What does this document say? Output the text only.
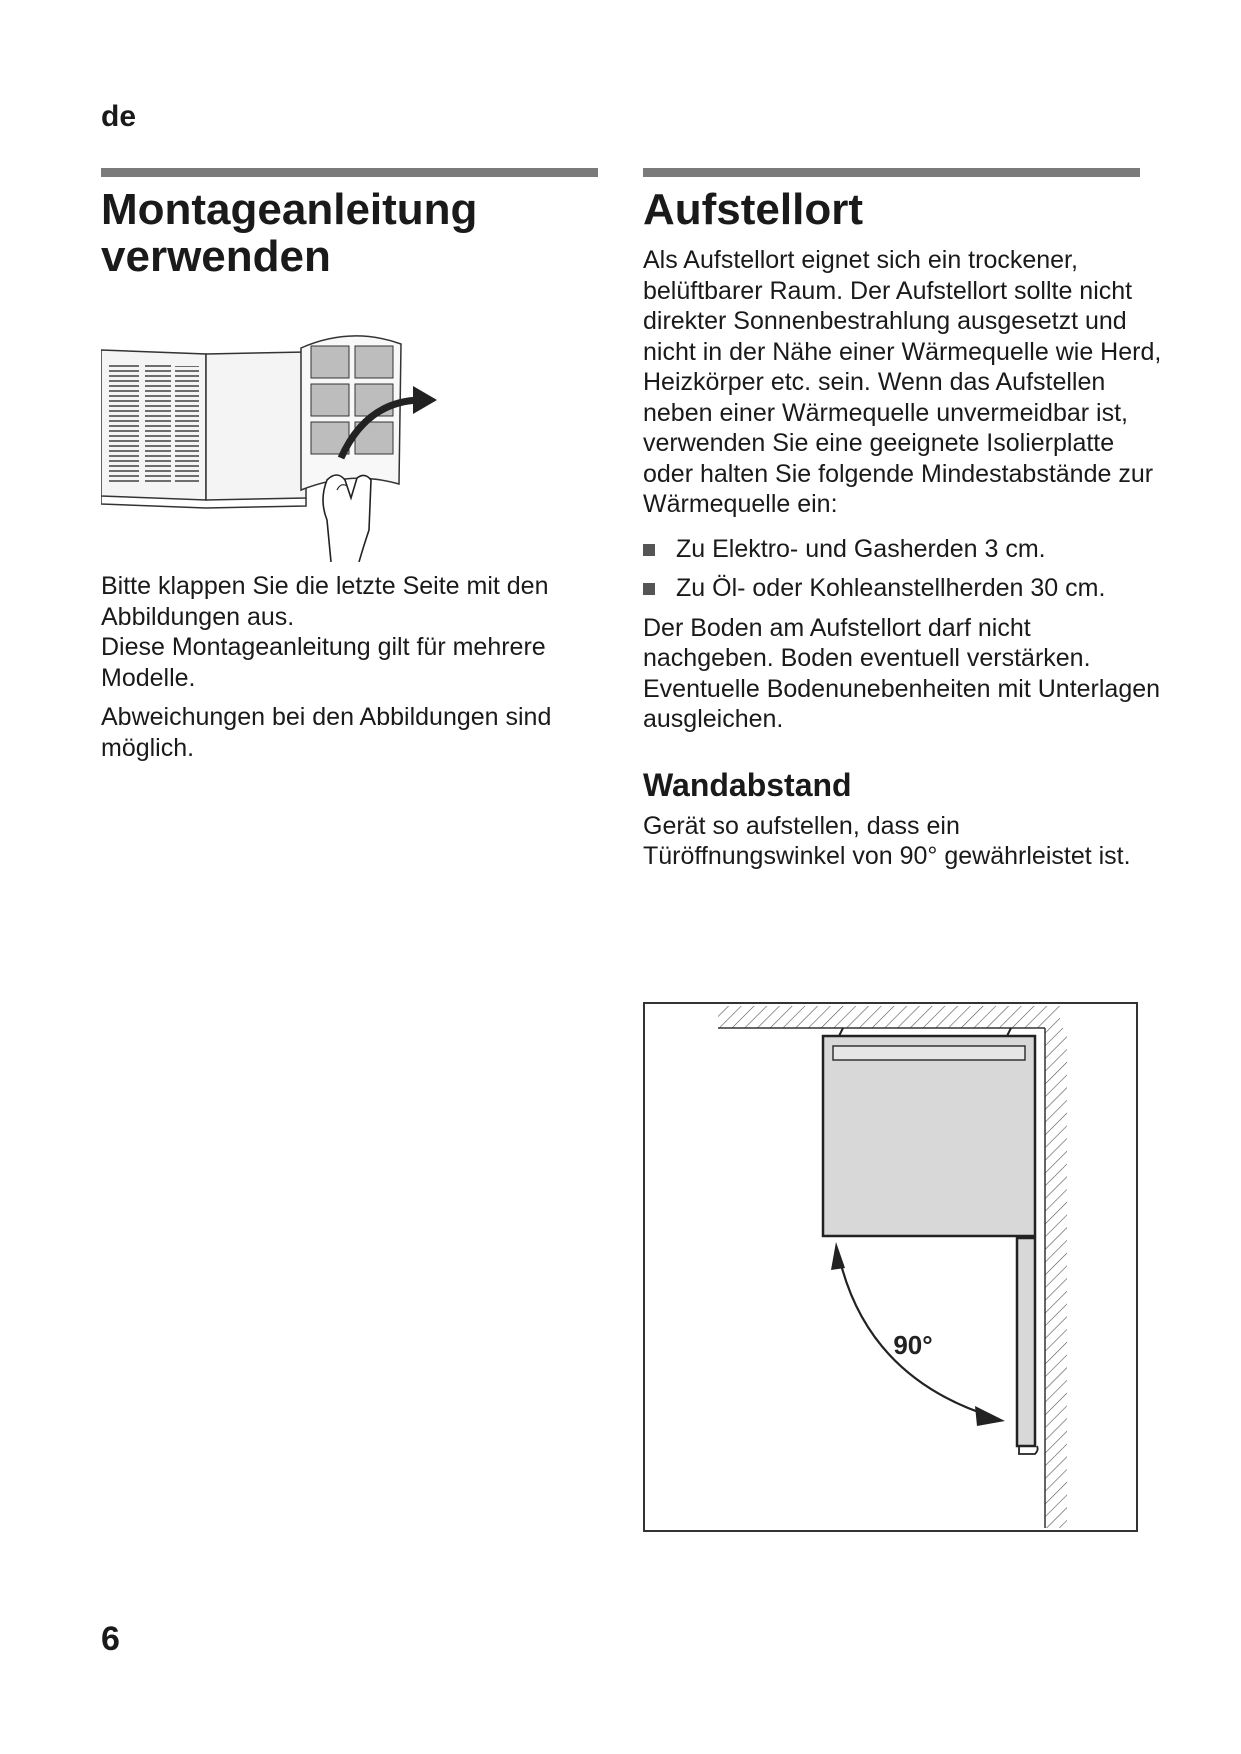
de
Montageanleitung verwenden

Bitte klappen Sie die letzte Seite mit den Abbildungen aus.

Diese Montageanleitung gilt für mehrere Modelle.

Abweichungen bei den Abbildungen sind möglich.

Aufstellort

Als Aufstellort eignet sich ein trockener, belüftbarer Raum. Der Aufstellort sollte nicht direkter Sonnenbestrahlung ausgesetzt und nicht in der Nähe einer Wärmequelle wie Herd, Heizkörper etc. sein. Wenn das Aufstellen neben einer Wärmequelle unvermeidbar ist, verwenden Sie eine geeignete Isolierplatte oder halten Sie folgende Mindestabstände zur Wärmequelle ein:

Zu Elektro- und Gasherden 3 cm.
Zu Öl- oder Kohleanstellherden 30 cm.

Der Boden am Aufstellort darf nicht nachgeben. Boden eventuell verstärken. Eventuelle Bodenunebenheiten mit Unterlagen ausgleichen.

Wandabstand

Gerät so aufstellen, dass ein Türöffnungswinkel von 90° gewährleistet ist.

90°
6
